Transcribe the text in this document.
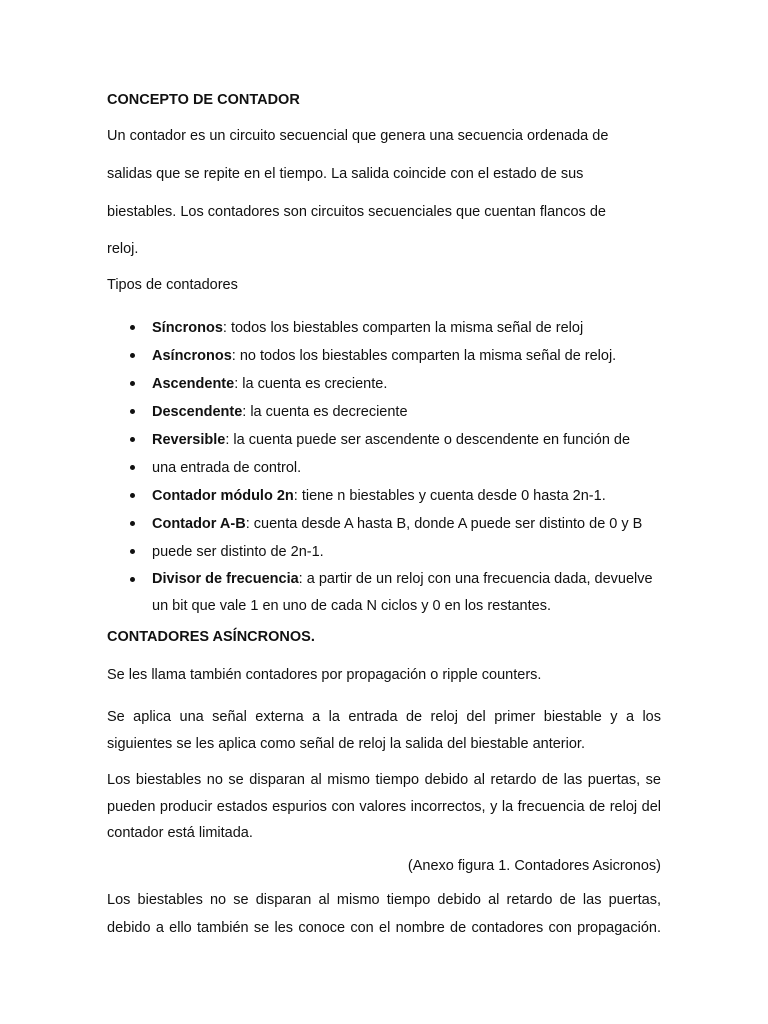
CONCEPTO DE CONTADOR

Un contador es un circuito secuencial que genera una secuencia ordenada de

salidas que se repite en el tiempo. La salida coincide con el estado de sus

biestables. Los contadores son circuitos secuenciales que cuentan flancos de

reloj.

Tipos de contadores

Síncronos: todos los biestables comparten la misma señal de reloj
Asíncronos: no todos los biestables comparten la misma señal de reloj.
Ascendente: la cuenta es creciente.
Descendente: la cuenta es decreciente
Reversible: la cuenta puede ser ascendente o descendente en función de
una entrada de control.
Contador módulo 2n: tiene n biestables y cuenta desde 0 hasta 2n-1.
Contador A-B: cuenta desde A hasta B, donde A puede ser distinto de 0 y B
puede ser distinto de 2n-1.
Divisor de frecuencia: a partir de un reloj con una frecuencia dada, devuelve un bit que vale 1 en uno de cada N ciclos y 0 en los restantes.

CONTADORES ASÍNCRONOS.

Se les llama también contadores por propagación o ripple counters.

Se aplica una señal externa a la entrada de reloj del primer biestable y a los siguientes se les aplica como señal de reloj la salida del biestable anterior.

Los biestables no se disparan al mismo tiempo debido al retardo de las puertas, se pueden producir estados espurios con valores incorrectos, y la frecuencia de reloj del contador está limitada.

(Anexo figura 1. Contadores Asicronos)

Los biestables no se disparan al mismo tiempo debido al retardo de las puertas, debido a ello también se les conoce con el nombre de contadores con propagación.
